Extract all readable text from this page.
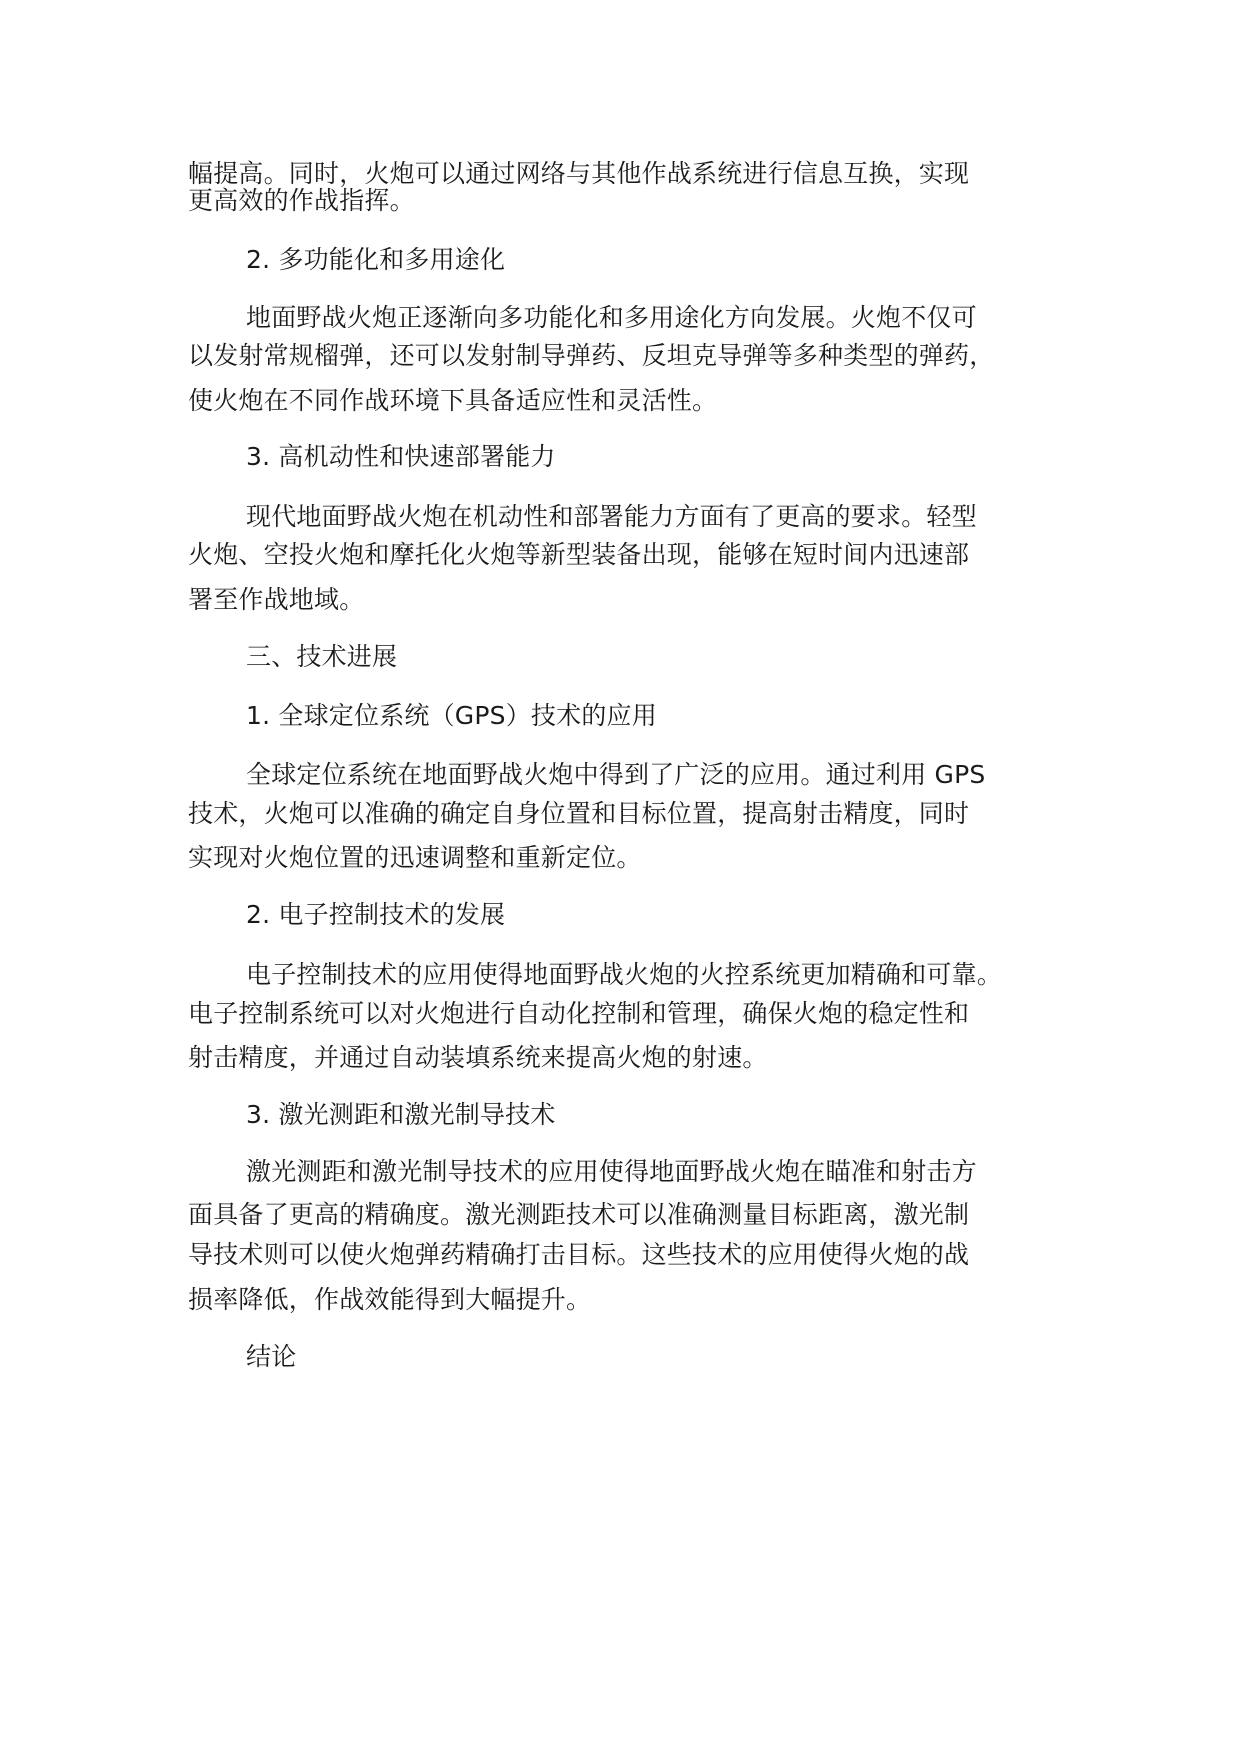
幅提高。同时，火炮可以通过网络与其他作战系统进行信息互换，实现
更高效的作战指挥。
2. 多功能化和多用途化
地面野战火炮正逐渐向多功能化和多用途化方向发展。火炮不仅可
以发射常规榴弹，还可以发射制导弹药、反坦克导弹等多种类型的弹药，
使火炮在不同作战环境下具备适应性和灵活性。
3. 高机动性和快速部署能力
现代地面野战火炮在机动性和部署能力方面有了更高的要求。轻型
火炮、空投火炮和摩托化火炮等新型装备出现，能够在短时间内迅速部
署至作战地域。
三、技术进展
1. 全球定位系统（GPS）技术的应用
全球定位系统在地面野战火炮中得到了广泛的应用。通过利用 GPS
技术，火炮可以准确的确定自身位置和目标位置，提高射击精度，同时
实现对火炮位置的迅速调整和重新定位。
2. 电子控制技术的发展
电子控制技术的应用使得地面野战火炮的火控系统更加精确和可靠。
电子控制系统可以对火炮进行自动化控制和管理，确保火炮的稳定性和
射击精度，并通过自动装填系统来提高火炮的射速。
3. 激光测距和激光制导技术
激光测距和激光制导技术的应用使得地面野战火炮在瞄准和射击方
面具备了更高的精确度。激光测距技术可以准确测量目标距离，激光制
导技术则可以使火炮弹药精确打击目标。这些技术的应用使得火炮的战
损率降低，作战效能得到大幅提升。
结论
